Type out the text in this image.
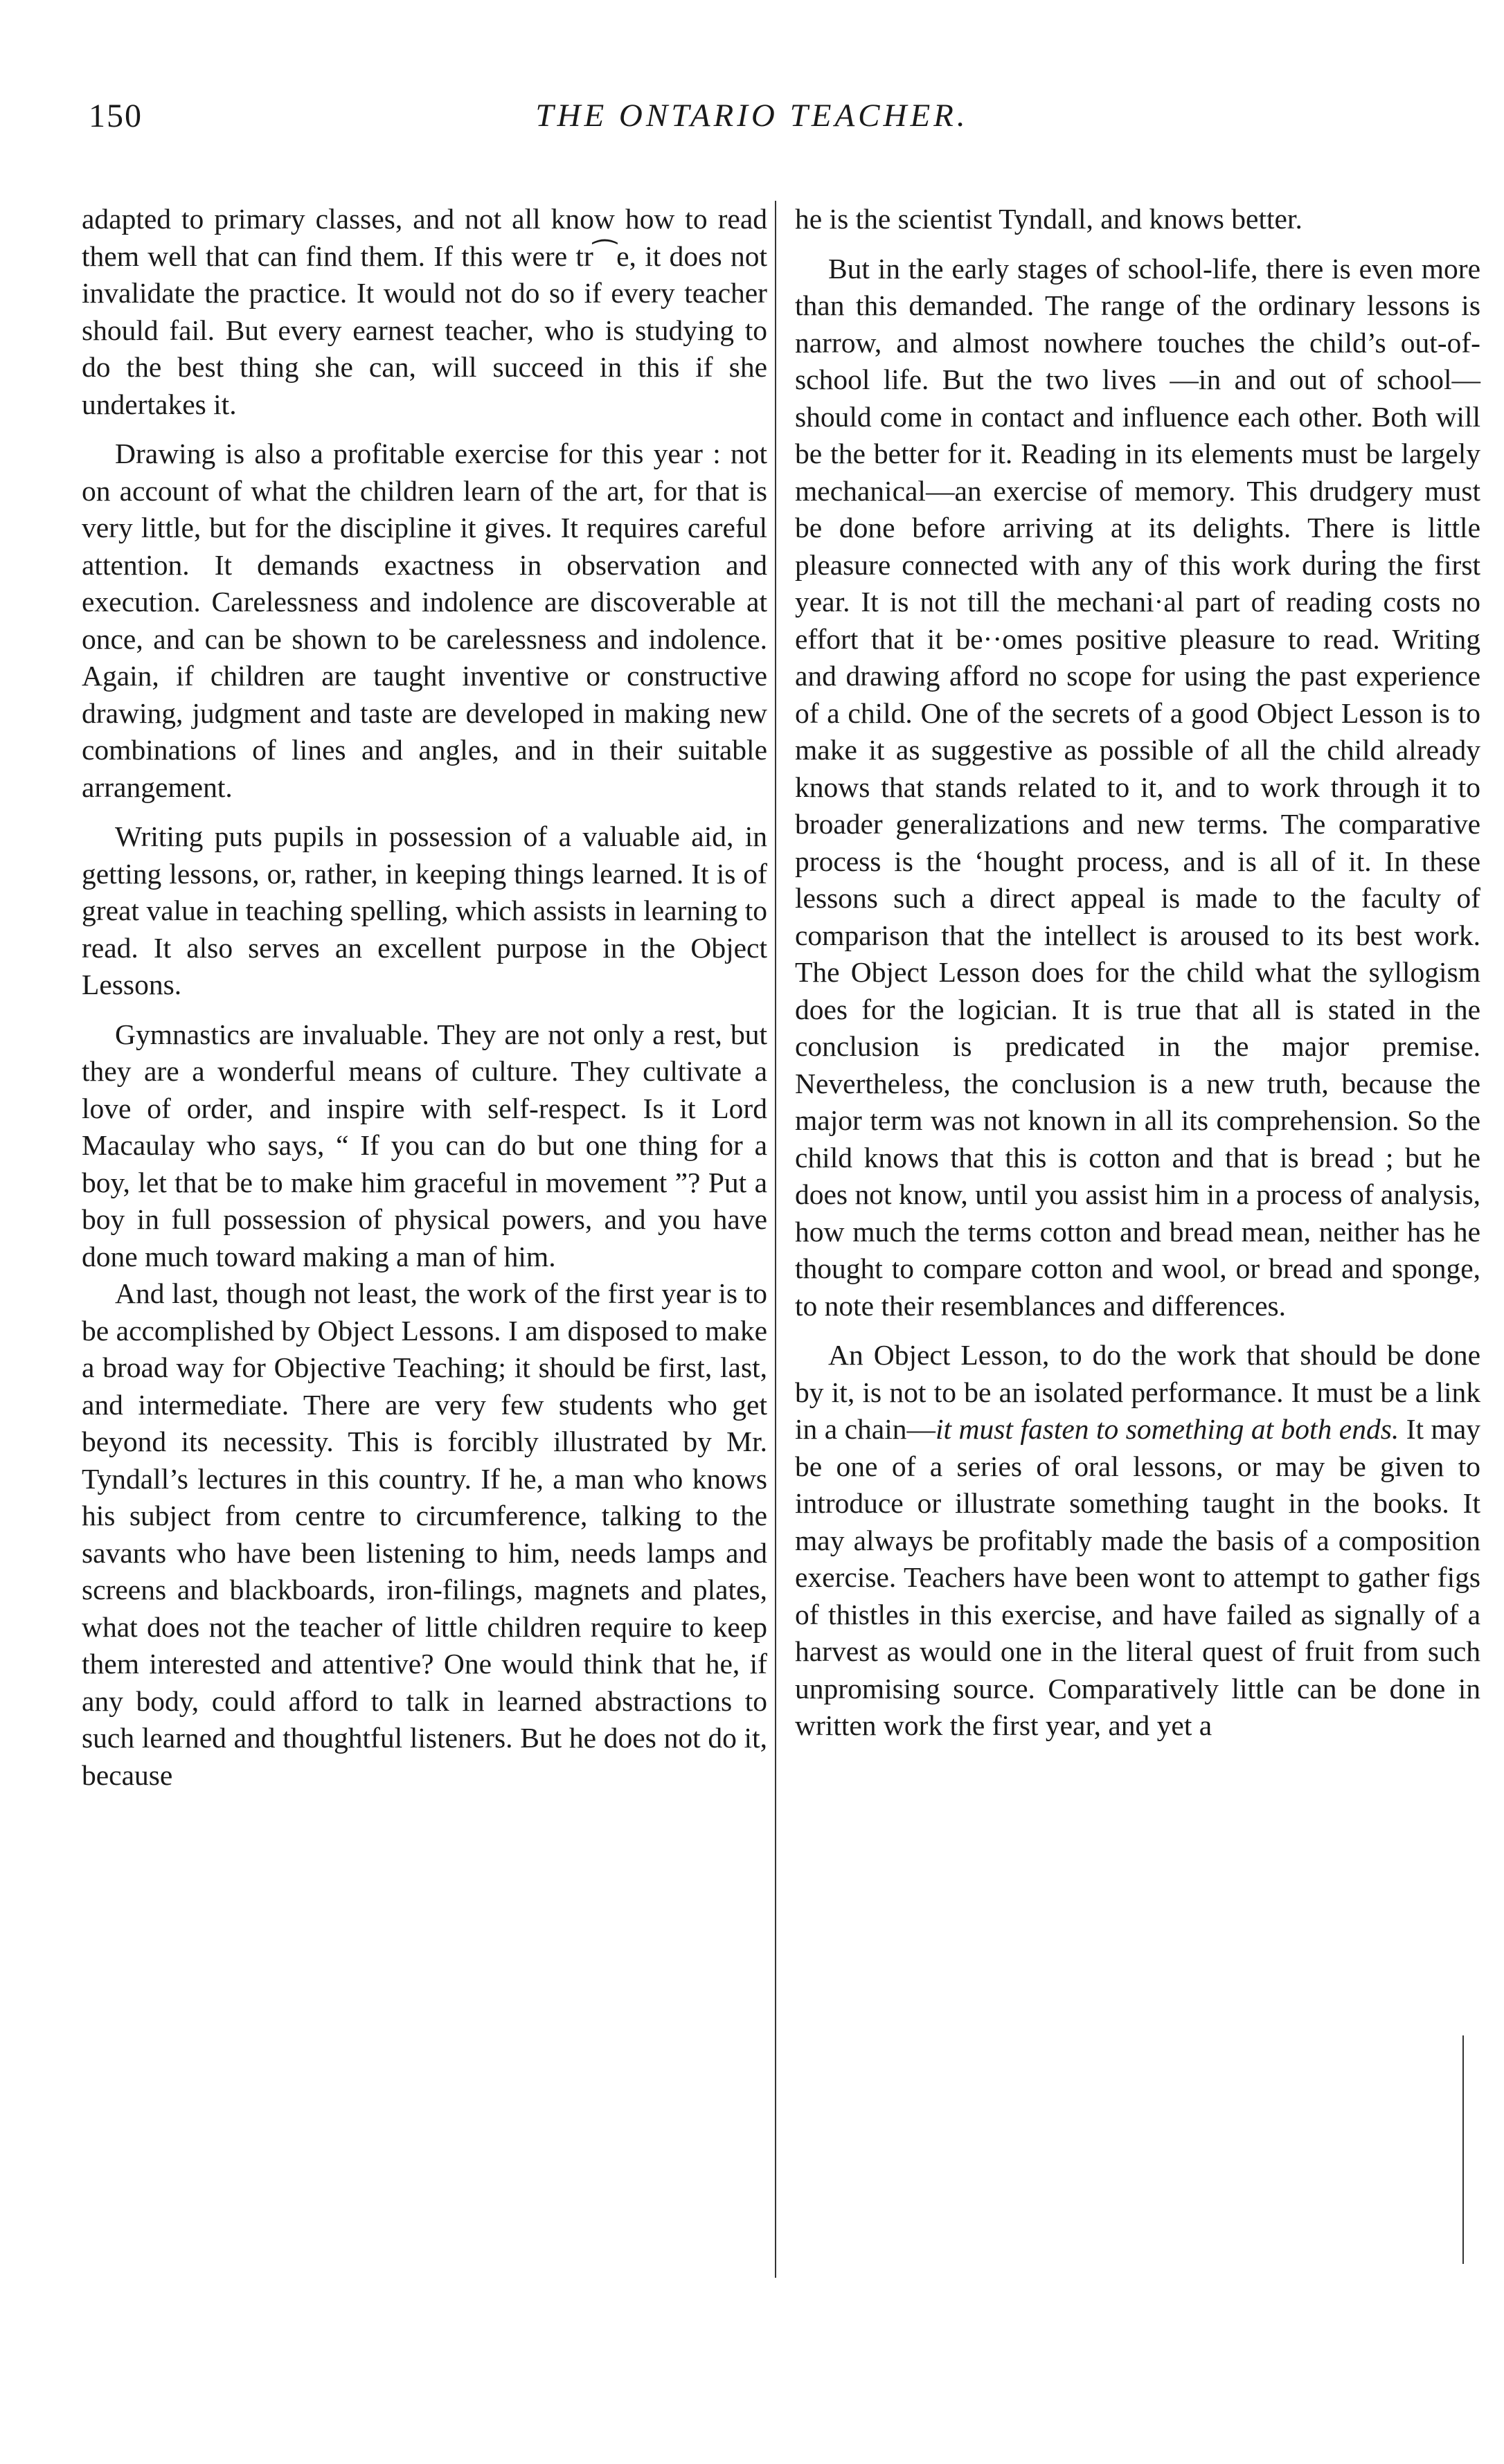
150	THE ONTARIO TEACHER.

adapted to primary classes, and not all know how to read them well that can find them. If this were tr⁀e, it does not invalidate the practice. It would not do so if every teacher should fail. But every earnest teacher, who is studying to do the best thing she can, will succeed in this if she undertakes it.

Drawing is also a profitable exercise for this year : not on account of what the children learn of the art, for that is very little, but for the discipline it gives. It requires careful attention. It demands exactness in observation and execution. Carelessness and indolence are discoverable at once, and can be shown to be carelessness and indolence. Again, if children are taught inventive or constructive drawing, judgment and taste are developed in making new combinations of lines and angles, and in their suitable arrangement.

Writing puts pupils in possession of a valuable aid, in getting lessons, or, rather, in keeping things learned. It is of great value in teaching spelling, which assists in learning to read. It also serves an excellent purpose in the Object Lessons.

Gymnastics are invaluable. They are not only a rest, but they are a wonderful means of culture. They cultivate a love of order, and inspire with self-respect. Is it Lord Macaulay who says, “ If you can do but one thing for a boy, let that be to make him graceful in movement ”? Put a boy in full possession of physical powers, and you have done much toward making a man of him.

And last, though not least, the work of the first year is to be accomplished by Object Lessons. I am disposed to make a broad way for Objective Teaching; it should be first, last, and intermediate. There are very few students who get beyond its necessity. This is forcibly illustrated by Mr. Tyndall’s lectures in this country. If he, a man who knows his subject from centre to circumference, talking to the savants who have been listening to him, needs lamps and screens and blackboards, iron-filings, magnets and plates, what does not the teacher of little children require to keep them interested and attentive? One would think that he, if any body, could afford to talk in learned abstractions to such learned and thoughtful listeners. But he does not do it, because

he is the scientist Tyndall, and knows better.

But in the early stages of school-life, there is even more than this demanded. The range of the ordinary lessons is narrow, and almost nowhere touches the child’s out-of-school life. But the two lives —in and out of school—should come in contact and influence each other. Both will be the better for it. Reading in its elements must be largely mechanical—an exercise of memory. This drudgery must be done before arriving at its delights. There is little pleasure connected with any of this work duri̇ng the first year. It is not till the mechani·al part of reading costs no effort that it be··omes positive pleasure to read. Writing and drawing afford no scope for using the past experience of a child. One of the secrets of a good Object Lesson is to make it as suggestive as possible of all the child already knows that stands related to it, and to work through it to broader generalizations and new terms. The comparative process is the ‘hought process, and is all of it. In these lessons such a direct appeal is made to the faculty of comparison that the intellect is aroused to its best work. The Object Lesson does for the child what the syllogism does for the logician. It is true that all is stated in the conclusion is predicated in the major premise. Nevertheless, the conclusion is a new truth, because the major term was not known in all its comprehension. So the child knows that this is cotton and that is bread ; but he does not know, until you assist him in a process of analysis, how much the terms cotton and bread mean, neither has he thought to compare cotton and wool, or bread and sponge, to note their resemblances and differences.

An Object Lesson, to do the work that should be done by it, is not to be an isolated performance. It must be a link in a chain—it must fasten to something at both ends. It may be one of a series of oral lessons, or may be given to introduce or illustrate something taught in the books. It may always be profitably made the basis of a composition exercise. Teachers have been wont to attempt to gather figs of thistles in this exercise, and have failed as signally of a harvest as would one in the literal quest of fruit from such unpromising source. Comparatively little can be done in written work the first year, and yet a
